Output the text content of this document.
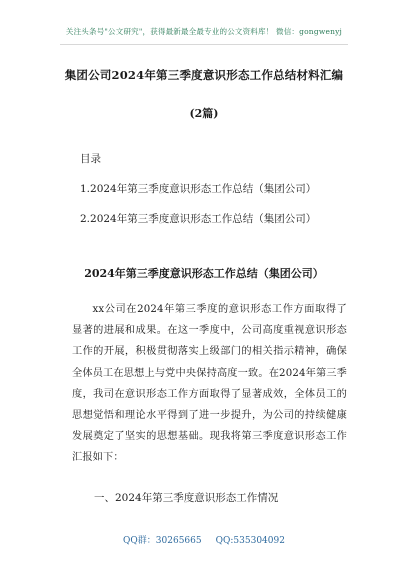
关注头条号"公文研究"，获得最新最全最专业的公文资料库！ 微信：gongwenyj
集团公司2024年第三季度意识形态工作总结材料汇编
(2篇)
目录
1.2024年第三季度意识形态工作总结（集团公司）
2.2024年第三季度意识形态工作总结（集团公司）
2024年第三季度意识形态工作总结（集团公司）
xx公司在2024年第三季度的意识形态工作方面取得了显著的进展和成果。在这一季度中，公司高度重视意识形态工作的开展，积极贯彻落实上级部门的相关指示精神，确保全体员工在思想上与党中央保持高度一致。在2024年第三季度，我司在意识形态工作方面取得了显著成效，全体员工的思想觉悟和理论水平得到了进一步提升，为公司的持续健康发展奠定了坚实的思想基础。现我将第三季度意识形态工作汇报如下：
一、2024年第三季度意识形态工作情况
QQ群：30265665 QQ:535304092
